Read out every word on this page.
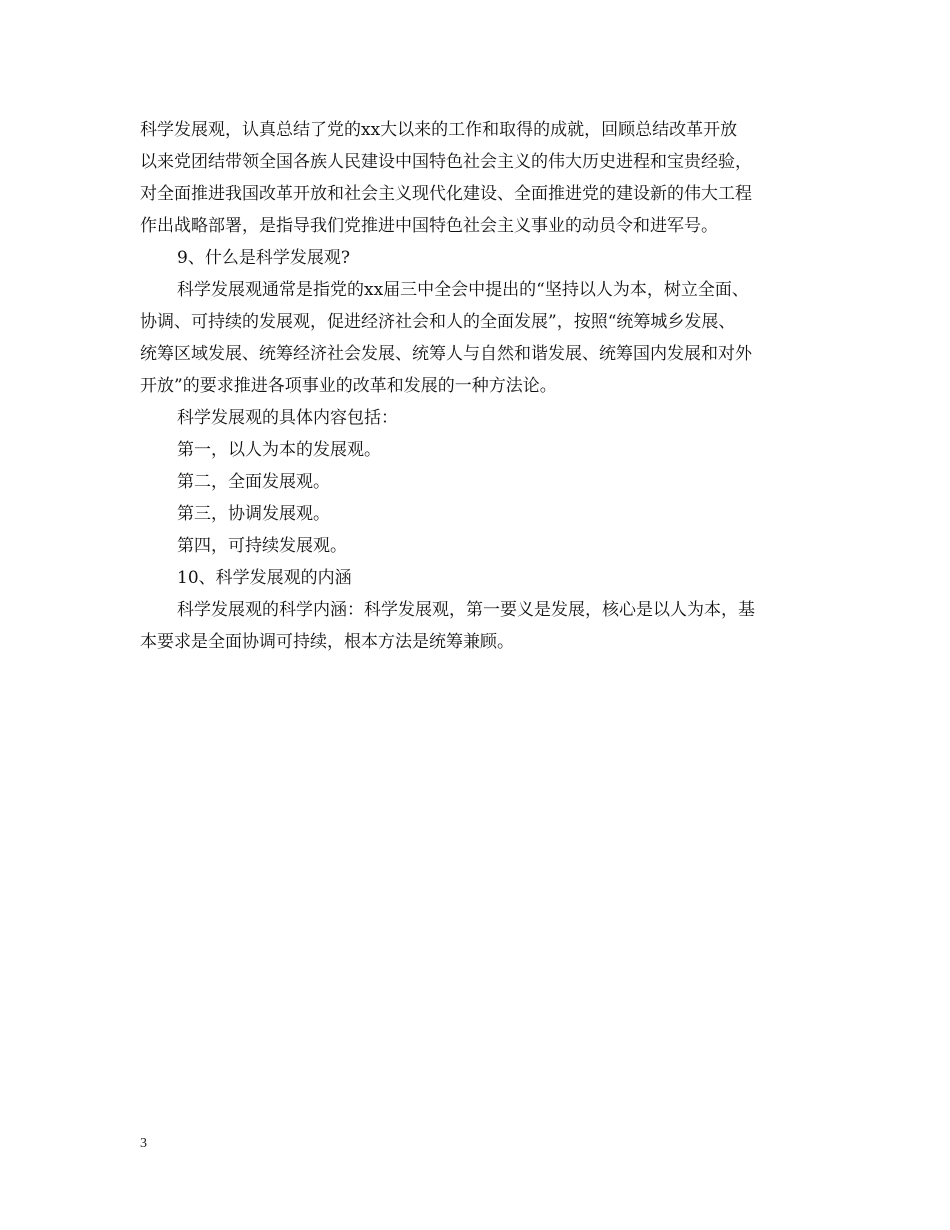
科学发展观，认真总结了党的xx大以来的工作和取得的成就，回顾总结改革开放
以来党团结带领全国各族人民建设中国特色社会主义的伟大历史进程和宝贵经验，
对全面推进我国改革开放和社会主义现代化建设、全面推进党的建设新的伟大工程
作出战略部署，是指导我们党推进中国特色社会主义事业的动员令和进军号。
9、什么是科学发展观?
科学发展观通常是指党的xx届三中全会中提出的“坚持以人为本，树立全面、
协调、可持续的发展观，促进经济社会和人的全面发展”，按照“统筹城乡发展、
统筹区域发展、统筹经济社会发展、统筹人与自然和谐发展、统筹国内发展和对外
开放”的要求推进各项事业的改革和发展的一种方法论。
科学发展观的具体内容包括：
第一，以人为本的发展观。
第二，全面发展观。
第三，协调发展观。
第四，可持续发展观。
10、科学发展观的内涵
科学发展观的科学内涵：科学发展观，第一要义是发展，核心是以人为本，基
本要求是全面协调可持续，根本方法是统筹兼顾。
3
